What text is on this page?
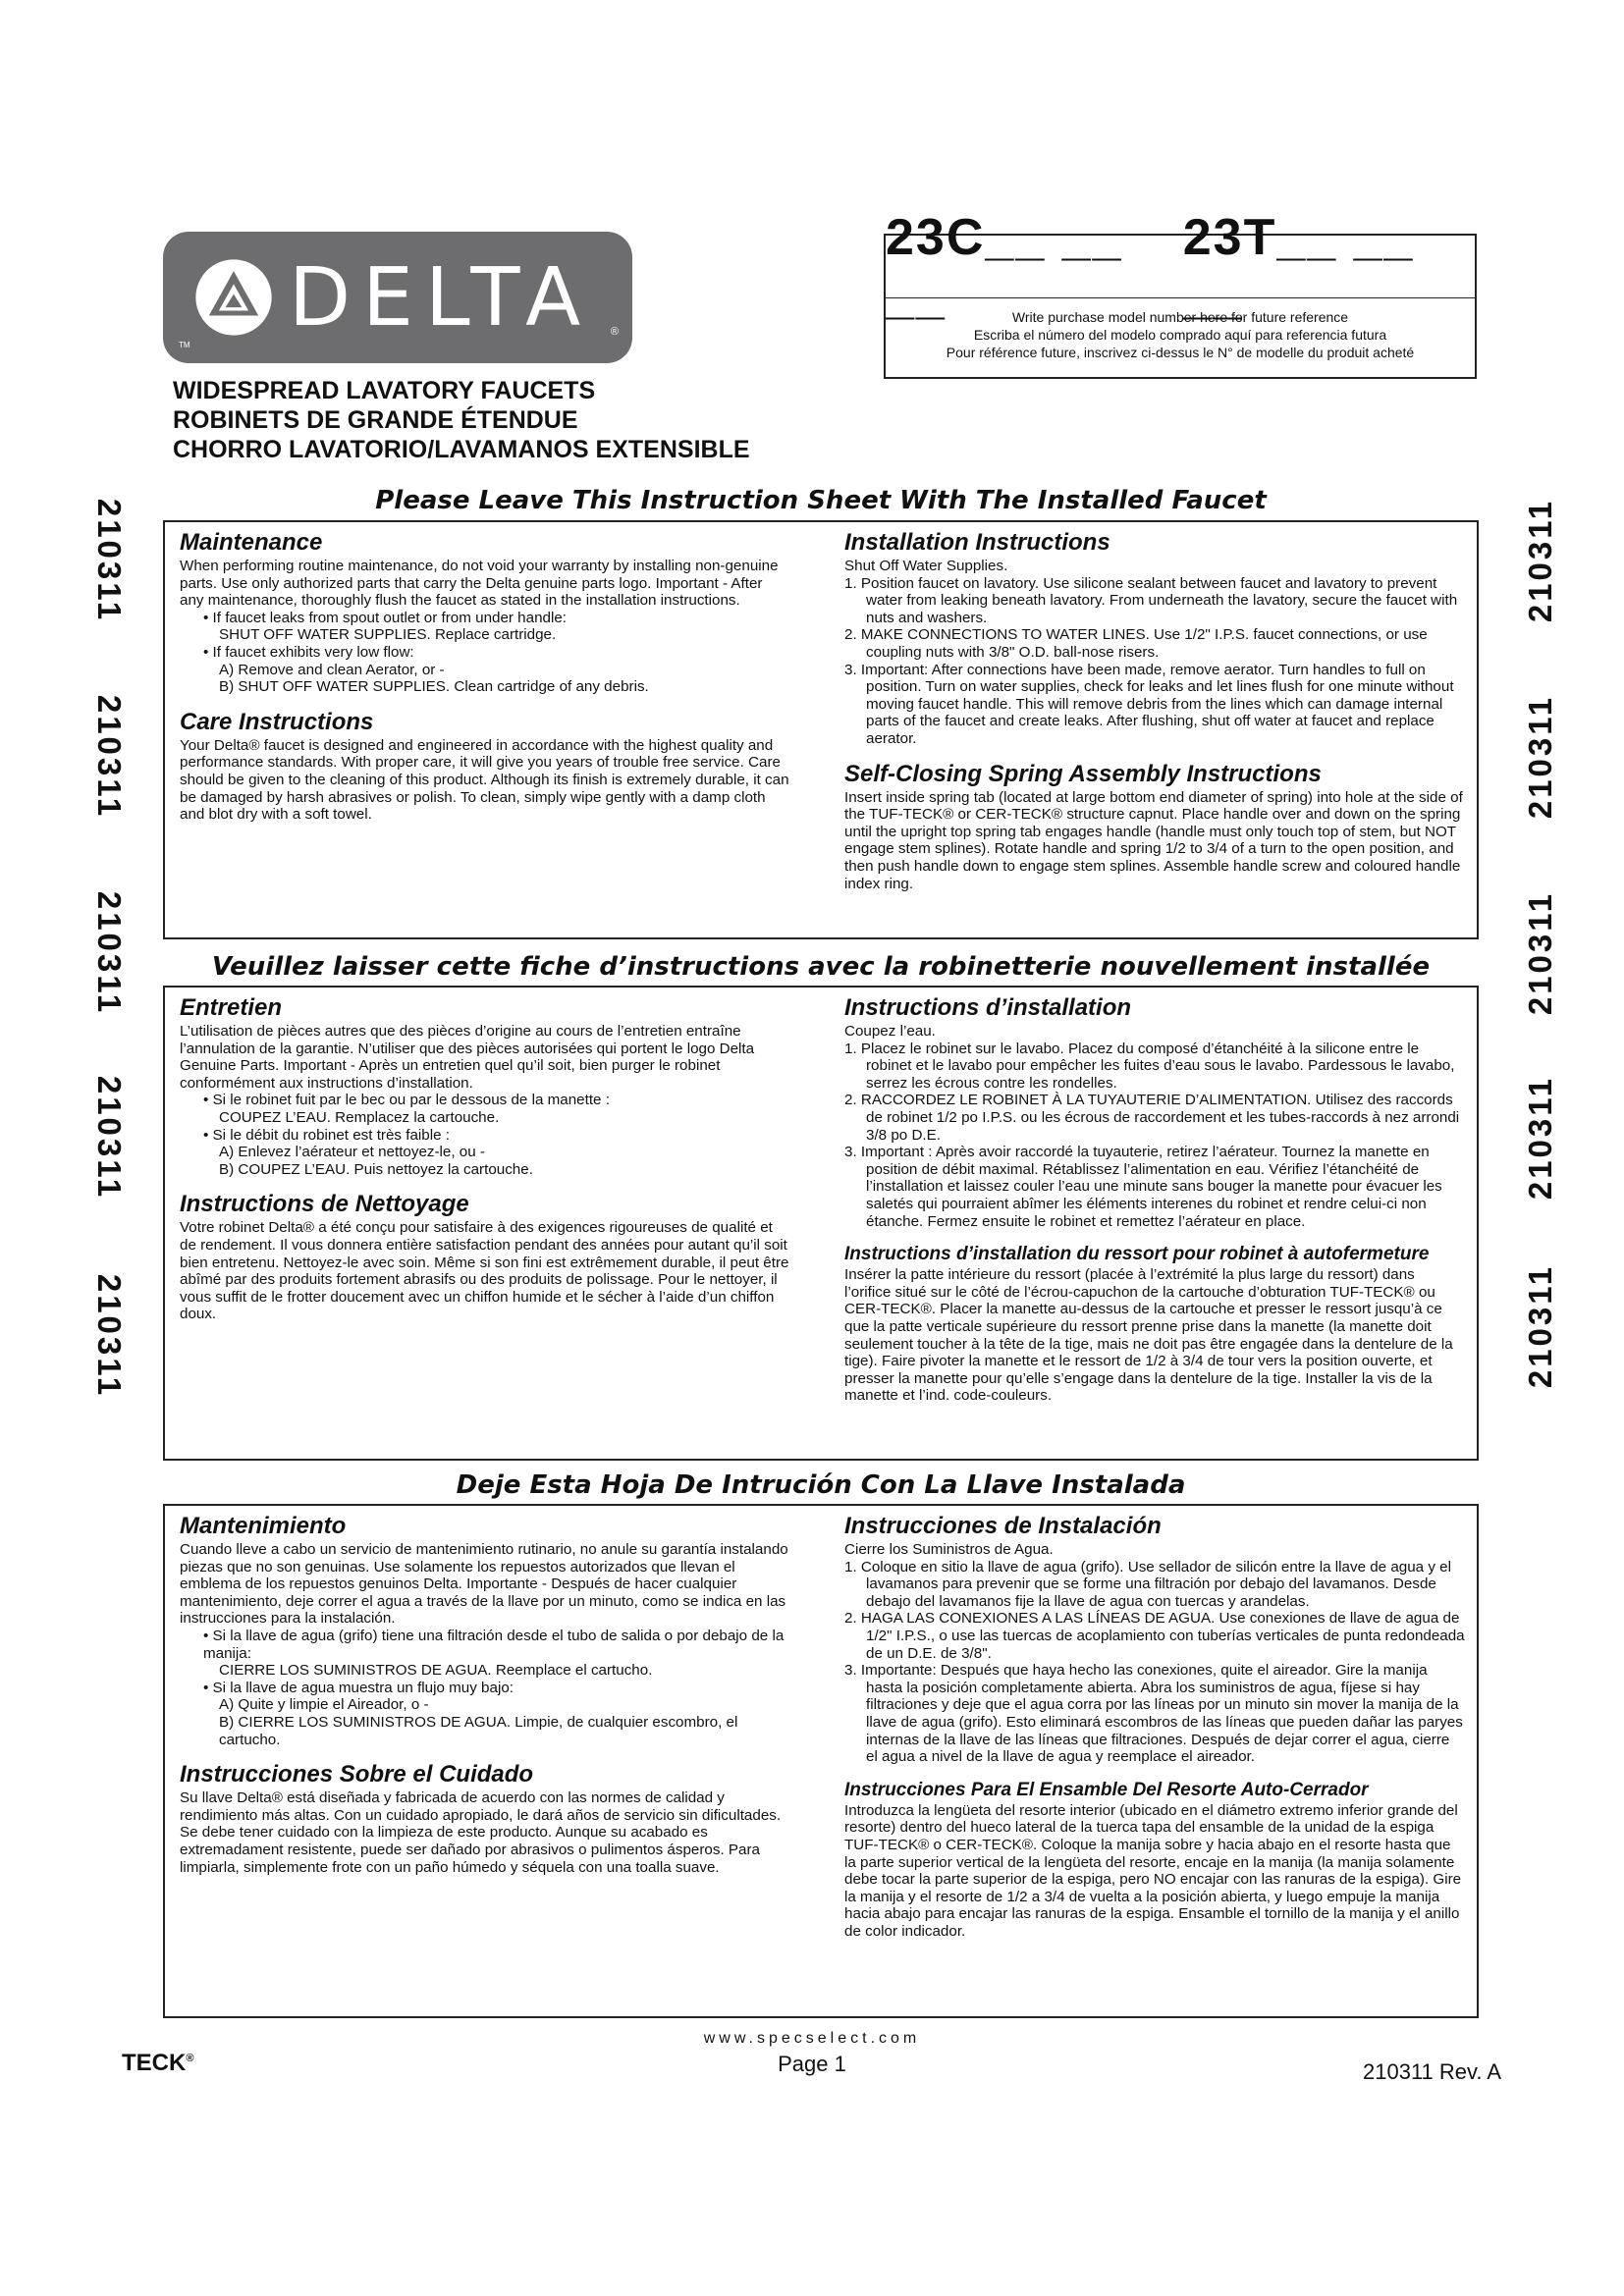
DELTA
TM
®
23C__ __ __
23T__ __ __
Write purchase model number here for future reference
Escriba el número del modelo comprado aquí para referencia futura
Pour référence future, inscrivez ci-dessus le N° de modelle du produit acheté
WIDESPREAD LAVATORY FAUCETS
ROBINETS DE GRANDE ÉTENDUE
CHORRO LAVATORIO/LAVAMANOS EXTENSIBLE
210311
210311
210311
210311
210311
210311
210311
210311
210311
210311
Please Leave This Instruction Sheet With The Installed Faucet
Maintenance

When performing routine maintenance, do not void your warranty by installing non-genuine parts. Use only authorized parts that carry the Delta genuine parts logo. Important - After any maintenance, thoroughly flush the faucet as stated in the installation instructions.

• If faucet leaks from spout outlet or from under handle:

SHUT OFF WATER SUPPLIES. Replace cartridge.

• If faucet exhibits very low flow:

A) Remove and clean Aerator, or -

B) SHUT OFF WATER SUPPLIES. Clean cartridge of any debris.

Care Instructions

Your Delta® faucet is designed and engineered in accordance with the highest quality and performance standards. With proper care, it will give you years of trouble free service. Care should be given to the cleaning of this product. Although its finish is extremely durable, it can be damaged by harsh abrasives or polish. To clean, simply wipe gently with a damp cloth and blot dry with a soft towel.

Installation Instructions

Shut Off Water Supplies.

1. Position faucet on lavatory. Use silicone sealant between faucet and lavatory to prevent water from leaking beneath lavatory. From underneath the lavatory, secure the faucet with nuts and washers.

2. MAKE CONNECTIONS TO WATER LINES. Use 1/2" I.P.S. faucet connections, or use coupling nuts with 3/8" O.D. ball-nose risers.

3. Important: After connections have been made, remove aerator. Turn handles to full on position. Turn on water supplies, check for leaks and let lines flush for one minute without moving faucet handle. This will remove debris from the lines which can damage internal parts of the faucet and create leaks. After flushing, shut off water at faucet and replace aerator.

Self-Closing Spring Assembly Instructions

Insert inside spring tab (located at large bottom end diameter of spring) into hole at the side of the TUF-TECK® or CER-TECK® structure capnut. Place handle over and down on the spring until the upright top spring tab engages handle (handle must only touch top of stem, but NOT engage stem splines). Rotate handle and spring 1/2 to 3/4 of a turn to the open position, and then push handle down to engage stem splines. Assemble handle screw and coloured handle index ring.

Veuillez laisser cette fiche d’instructions avec la robinetterie nouvellement installée
Entretien

L’utilisation de pièces autres que des pièces d’origine au cours de l’entretien entraîne l’annulation de la garantie. N’utiliser que des pièces autorisées qui portent le logo Delta Genuine Parts. Important - Après un entretien quel qu’il soit, bien purger le robinet conformément aux instructions d’installation.

• Si le robinet fuit par le bec ou par le dessous de la manette :

COUPEZ L’EAU. Remplacez la cartouche.

• Si le débit du robinet est très faible :

A) Enlevez l’aérateur et nettoyez-le, ou -

B) COUPEZ L’EAU. Puis nettoyez la cartouche.

Instructions de Nettoyage

Votre robinet Delta® a été conçu pour satisfaire à des exigences rigoureuses de qualité et de rendement. Il vous donnera entière satisfaction pendant des années pour autant qu’il soit bien entretenu. Nettoyez-le avec soin. Même si son fini est extrêmement durable, il peut être abîmé par des produits fortement abrasifs ou des produits de polissage. Pour le nettoyer, il vous suffit de le frotter doucement avec un chiffon humide et le sécher à l’aide d’un chiffon doux.

Instructions d’installation

Coupez l’eau.

1. Placez le robinet sur le lavabo. Placez du composé d’étanchéité à la silicone entre le robinet et le lavabo pour empêcher les fuites d’eau sous le lavabo. Pardessous le lavabo, serrez les écrous contre les rondelles.

2. RACCORDEZ LE ROBINET À LA TUYAUTERIE D’ALIMENTATION. Utilisez des raccords de robinet 1/2 po I.P.S. ou les écrous de raccordement et les tubes-raccords à nez arrondi 3/8 po D.E.

3. Important : Après avoir raccordé la tuyauterie, retirez l’aérateur. Tournez la manette en position de débit maximal. Rétablissez l’alimentation en eau. Vérifiez l’étanchéité de l’installation et laissez couler l’eau une minute sans bouger la manette pour évacuer les saletés qui pourraient abîmer les éléments interenes du robinet et rendre celui-ci non étanche. Fermez ensuite le robinet et remettez l’aérateur en place.

Instructions d’installation du ressort pour robinet à autofermeture

Insérer la patte intérieure du ressort (placée à l’extrémité la plus large du ressort) dans l’orifice situé sur le côté de l’écrou-capuchon de la cartouche d’obturation TUF-TECK® ou CER-TECK®. Placer la manette au-dessus de la cartouche et presser le ressort jusqu’à ce que la patte verticale supérieure du ressort prenne prise dans la manette (la manette doit seulement toucher à la tête de la tige, mais ne doit pas être engagée dans la dentelure de la tige). Faire pivoter la manette et le ressort de 1/2 à 3/4 de tour vers la position ouverte, et presser la manette pour qu’elle s’engage dans la dentelure de la tige. Installer la vis de la manette et l’ind. code-couleurs.

Deje Esta Hoja De Intrución Con La Llave Instalada
Mantenimiento

Cuando lleve a cabo un servicio de mantenimiento rutinario, no anule su garantía instalando piezas que no son genuinas. Use solamente los repuestos autorizados que llevan el emblema de los repuestos genuinos Delta. Importante - Después de hacer cualquier mantenimiento, deje correr el agua a través de la llave por un minuto, como se indica en las instrucciones para la instalación.

• Si la llave de agua (grifo) tiene una filtración desde el tubo de salida o por debajo de la manija:

CIERRE LOS SUMINISTROS DE AGUA. Reemplace el cartucho.

• Si la llave de agua muestra un flujo muy bajo:

A) Quite y limpie el Aireador, o -

B) CIERRE LOS SUMINISTROS DE AGUA. Limpie, de cualquier escombro, el cartucho.

Instrucciones Sobre el Cuidado

Su llave Delta® está diseñada y fabricada de acuerdo con las normes de calidad y rendimiento más altas. Con un cuidado apropiado, le dará años de servicio sin dificultades. Se debe tener cuidado con la limpieza de este producto. Aunque su acabado es extremadament resistente, puede ser dañado por abrasivos o pulimentos ásperos. Para limpiarla, simplemente frote con un paño húmedo y séquela con una toalla suave.

Instrucciones de Instalación

Cierre los Suministros de Agua.

1. Coloque en sitio la llave de agua (grifo). Use sellador de silicón entre la llave de agua y el lavamanos para prevenir que se forme una filtración por debajo del lavamanos. Desde debajo del lavamanos fije la llave de agua con tuercas y arandelas.

2. HAGA LAS CONEXIONES A LAS LÍNEAS DE AGUA. Use conexiones de llave de agua de 1/2" I.P.S., o use las tuercas de acoplamiento con tuberías verticales de punta redondeada de un D.E. de 3/8".

3. Importante: Después que haya hecho las conexiones, quite el aireador. Gire la manija hasta la posición completamente abierta. Abra los suministros de agua, fíjese si hay filtraciones y deje que el agua corra por las líneas por un minuto sin mover la manija de la llave de agua (grifo). Esto eliminará escombros de las líneas que pueden dañar las paryes internas de la llave de las líneas que filtraciones. Después de dejar correr el agua, cierre el agua a nivel de la llave de agua y reemplace el aireador.

Instrucciones Para El Ensamble Del Resorte Auto-Cerrador

Introduzca la lengüeta del resorte interior (ubicado en el diámetro extremo inferior grande del resorte) dentro del hueco lateral de la tuerca tapa del ensamble de la unidad de la espiga TUF-TECK® o CER-TECK®. Coloque la manija sobre y hacia abajo en el resorte hasta que la parte superior vertical de la lengüeta del resorte, encaje en la manija (la manija solamente debe tocar la parte superior de la espiga, pero NO encajar con las ranuras de la espiga). Gire la manija y el resorte de 1/2 a 3/4 de vuelta a la posición abierta, y luego empuje la manija hacia abajo para encajar las ranuras de la espiga. Ensamble el tornillo de la manija y el anillo de color indicador.

www.specselect.com
Page 1
TECK®
210311 Rev. A
